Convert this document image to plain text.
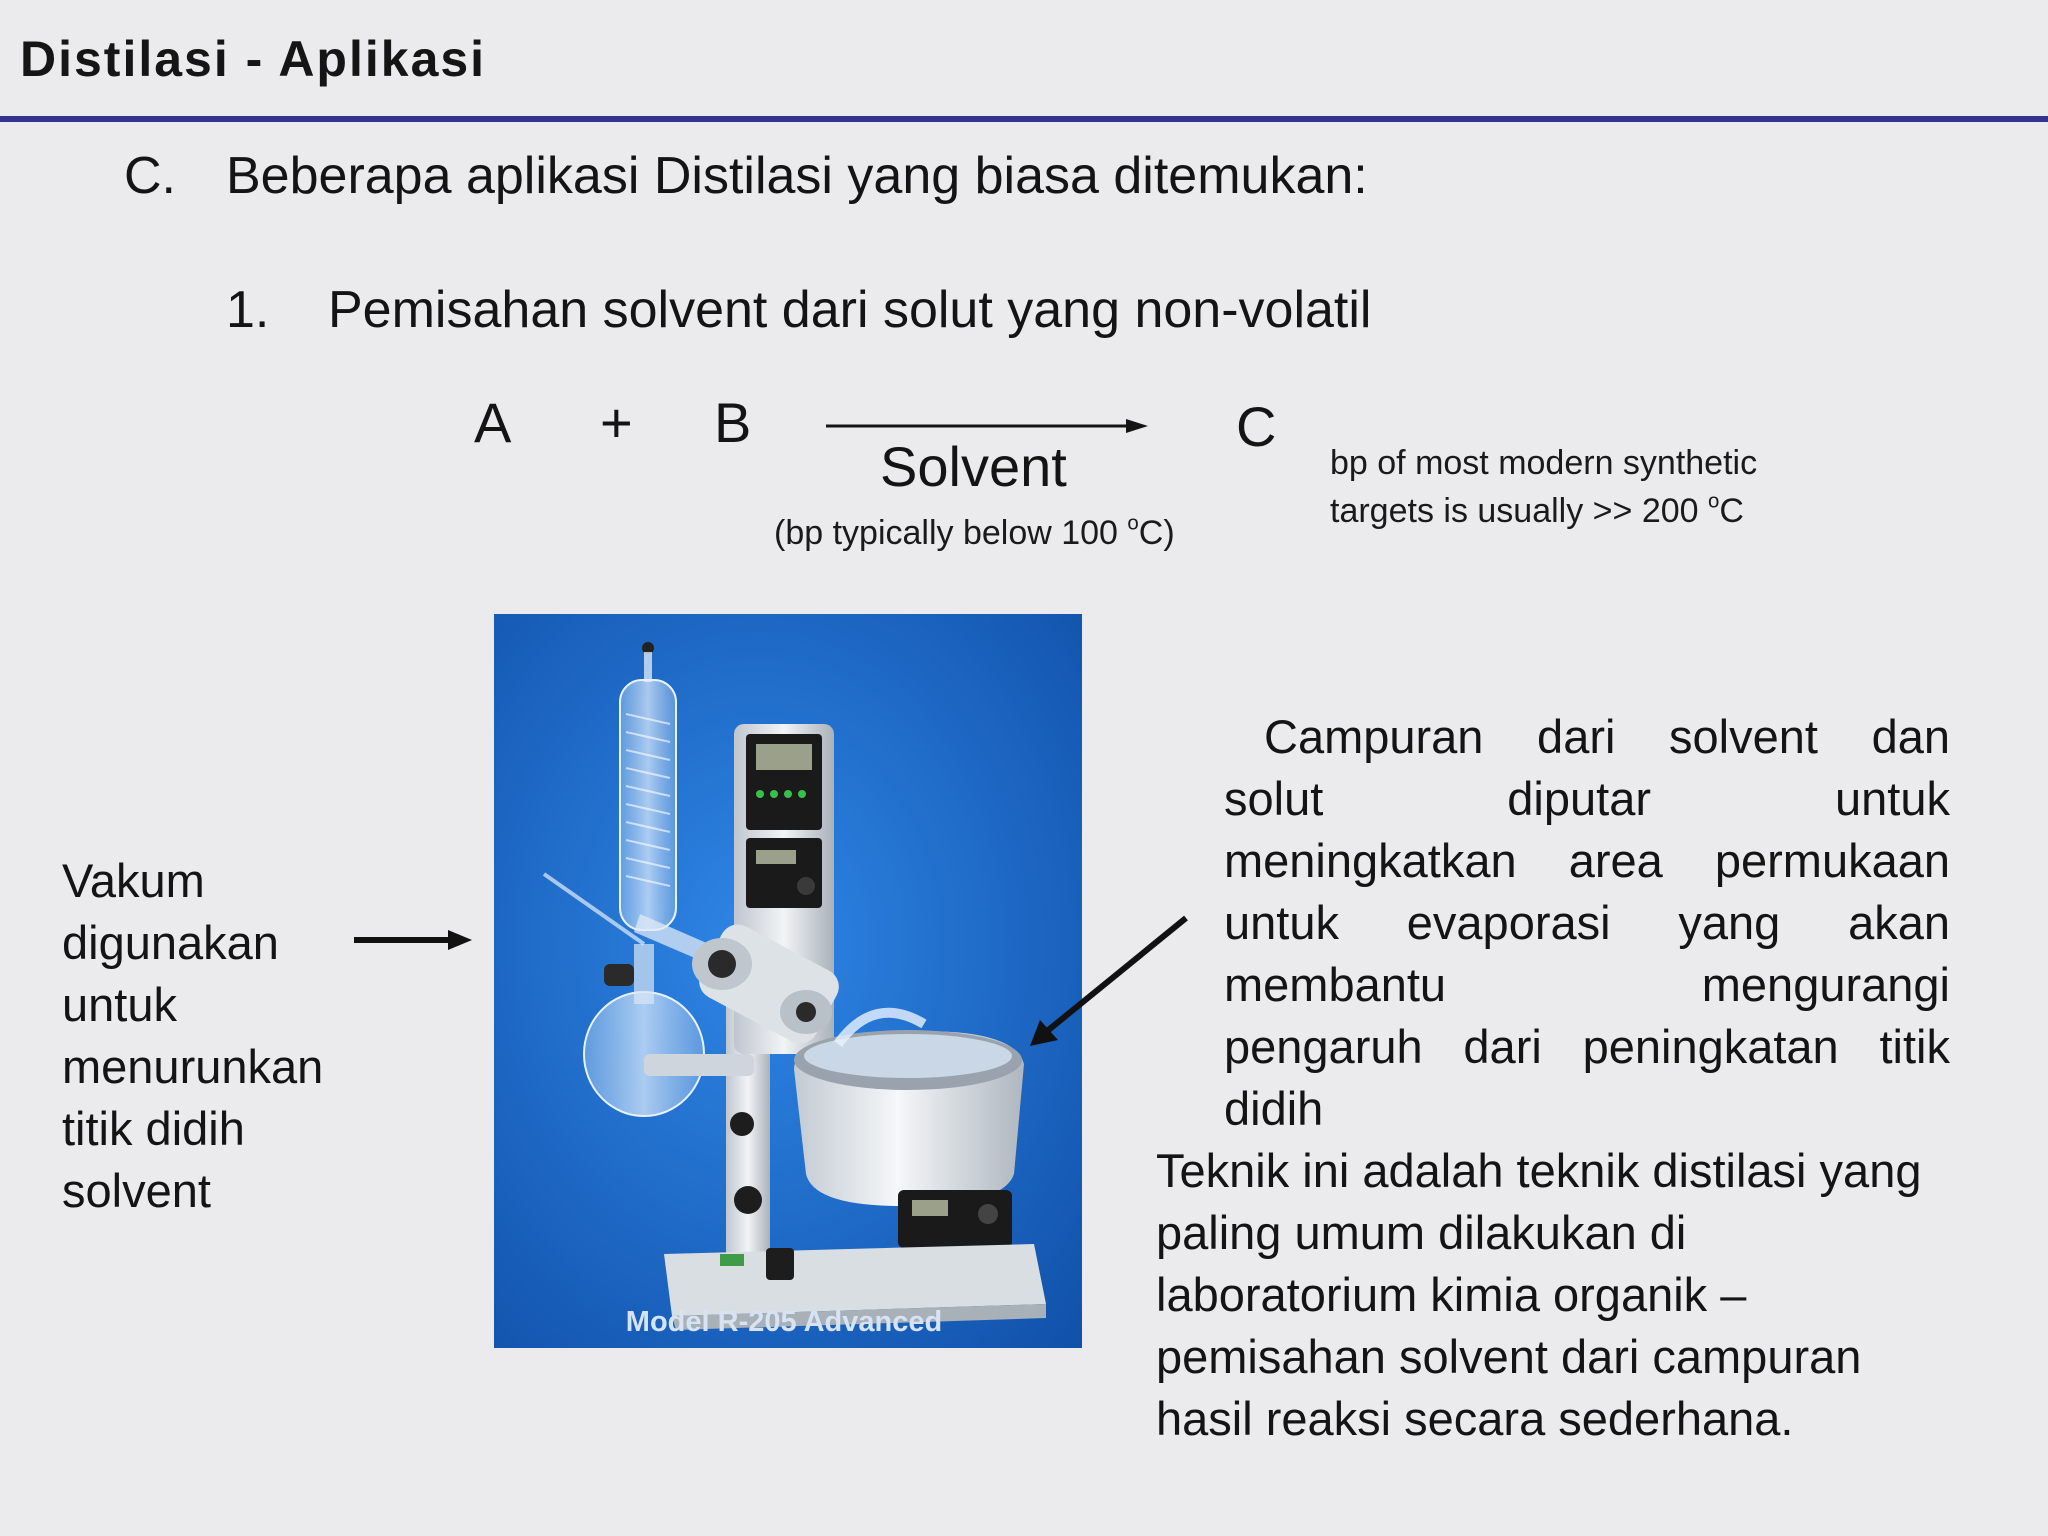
Distilasi - Aplikasi
C. Beberapa aplikasi Distilasi yang biasa ditemukan:
1. Pemisahan solvent dari solut yang non-volatil
A + B
Solvent
C
(bp typically below 100 $^o$C)
bp of most modern synthetic
targets is usually >> 200 $^o$C
Model R-205 Advanced
Vakum
digunakan
untuk
menurunkan
titik didih
solvent
Campuran dari solvent dan
solut diputar untuk
meningkatkan area permukaan
untuk evaporasi yang akan
membantu mengurangi
pengaruh dari peningkatan titik
didih
Teknik ini adalah teknik distilasi yang
paling umum dilakukan di
laboratorium kimia organik –
pemisahan solvent dari campuran
hasil reaksi secara sederhana.
